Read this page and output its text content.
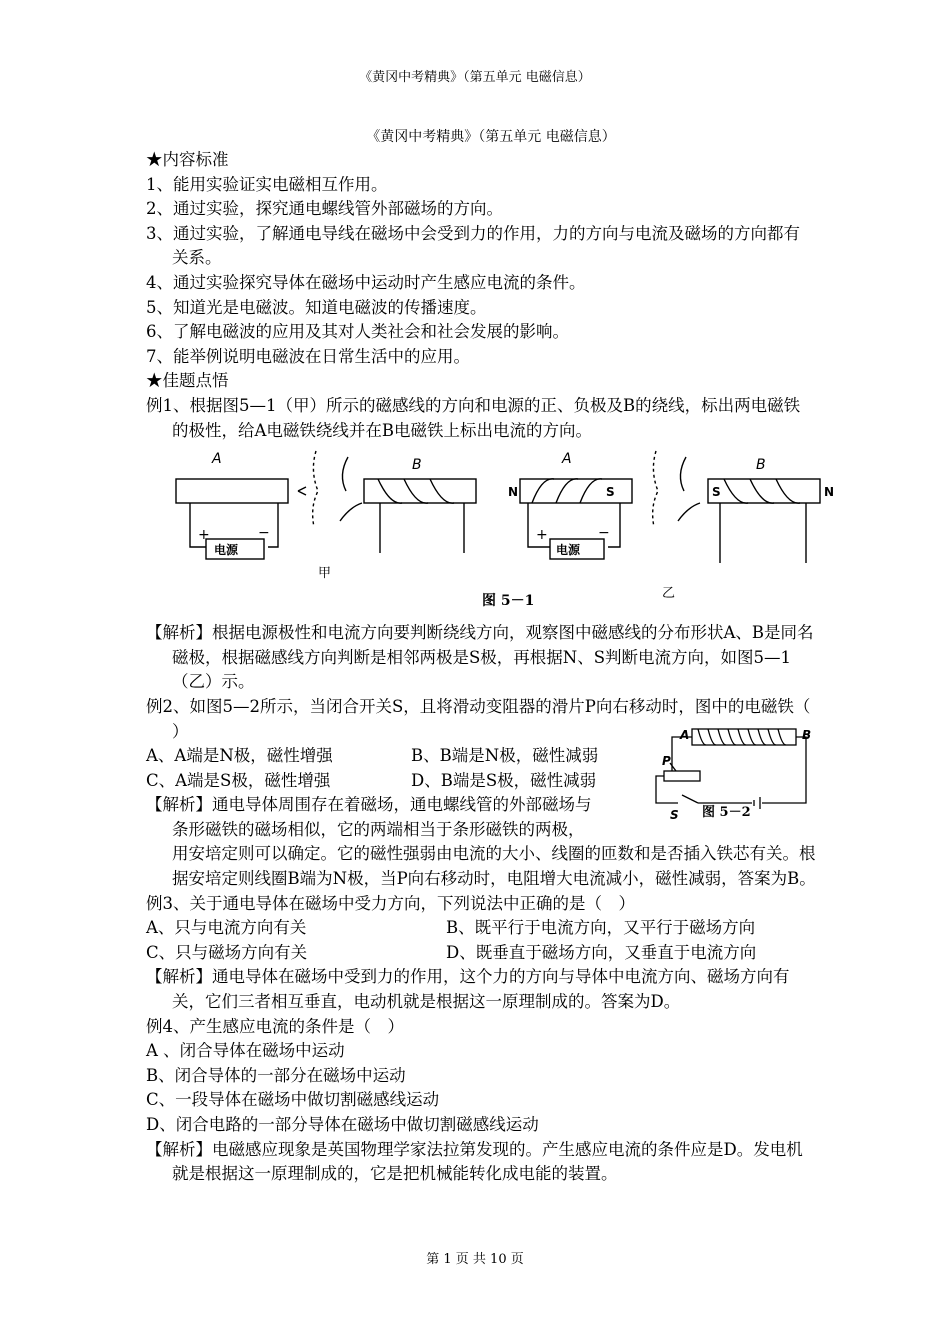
《黄冈中考精典》（第五单元 电磁信息）
《黄冈中考精典》（第五单元 电磁信息）

★内容标准

1、能用实验证实电磁相互作用。

2、通过实验，探究通电螺线管外部磁场的方向。

3、通过实验，了解通电导线在磁场中会受到力的作用，力的方向与电流及磁场的方向都有关系。

4、通过实验探究导体在磁场中运动时产生感应电流的条件。

5、知道光是电磁波。知道电磁波的传播速度。

6、了解电磁波的应用及其对人类社会和社会发展的影响。

7、能举例说明电磁波在日常生活中的应用。

★佳题点悟

例1、根据图5—1（甲）所示的磁感线的方向和电源的正、负极及B的绕线，标出两电磁铁的极性，给A电磁铁绕线并在B电磁铁上标出电流的方向。

A	B
+	−
电源
甲
A	B
N	S	S	N
+	−
电源
乙
图 5－1

【解析】根据电源极性和电流方向要判断绕线方向，观察图中磁感线的分布形状A、B是同名磁极，根据磁感线方向判断是相邻两极是S极，再根据N、S判断电流方向，如图5—1（乙）示。

例2、如图5—2所示，当闭合开关S，且将滑动变阻器的滑片P向右移动时，图中的电磁铁（　 ）

A、A端是N极，磁性增强	B、B端是N极，磁性减弱
C、A端是S极，磁性增强	D、B端是S极，磁性减弱

【解析】通电导体周围存在着磁场，通电螺线管的外部磁场与

条形磁铁的磁场相似，它的两端相当于条形磁铁的两极，

用安培定则可以确定。它的磁性强弱由电流的大小、线圈的匝数和是否插入铁芯有关。根据安培定则线圈B端为N极，当P向右移动时，电阻增大电流减小，磁性减弱，答案为B。

A	B
P
S 图 5－2

例3、关于通电导体在磁场中受力方向，下列说法中正确的是（　）

A、只与电流方向有关	B、既平行于电流方向，又平行于磁场方向
C、只与磁场方向有关	D、既垂直于磁场方向，又垂直于电流方向

【解析】通电导体在磁场中受到力的作用，这个力的方向与导体中电流方向、磁场方向有关，它们三者相互垂直，电动机就是根据这一原理制成的。答案为D。

例4、产生感应电流的条件是（　）

A 、闭合导体在磁场中运动

B、闭合导体的一部分在磁场中运动

C、一段导体在磁场中做切割磁感线运动

D、闭合电路的一部分导体在磁场中做切割磁感线运动

【解析】电磁感应现象是英国物理学家法拉第发现的。产生感应电流的条件应是D。发电机就是根据这一原理制成的，它是把机械能转化成电能的装置。

第 1 页 共 10 页
